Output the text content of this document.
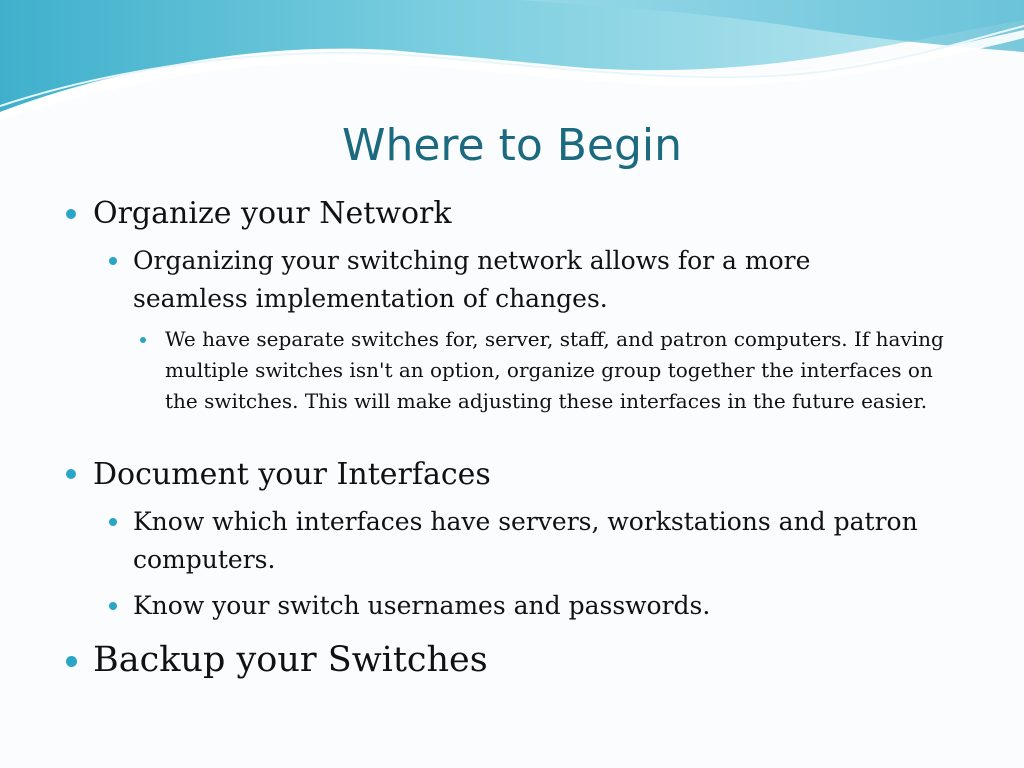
Where to Begin
Organize your Network
Organizing your switching network allows for a more seamless implementation of changes.
We have separate switches for, server, staff, and patron computers. If having multiple switches isn't an option, organize group together the interfaces on the switches. This will make adjusting these interfaces in the future easier.
Document your Interfaces
Know which interfaces have servers, workstations and patron computers.
Know your switch usernames and passwords.
Backup your Switches
